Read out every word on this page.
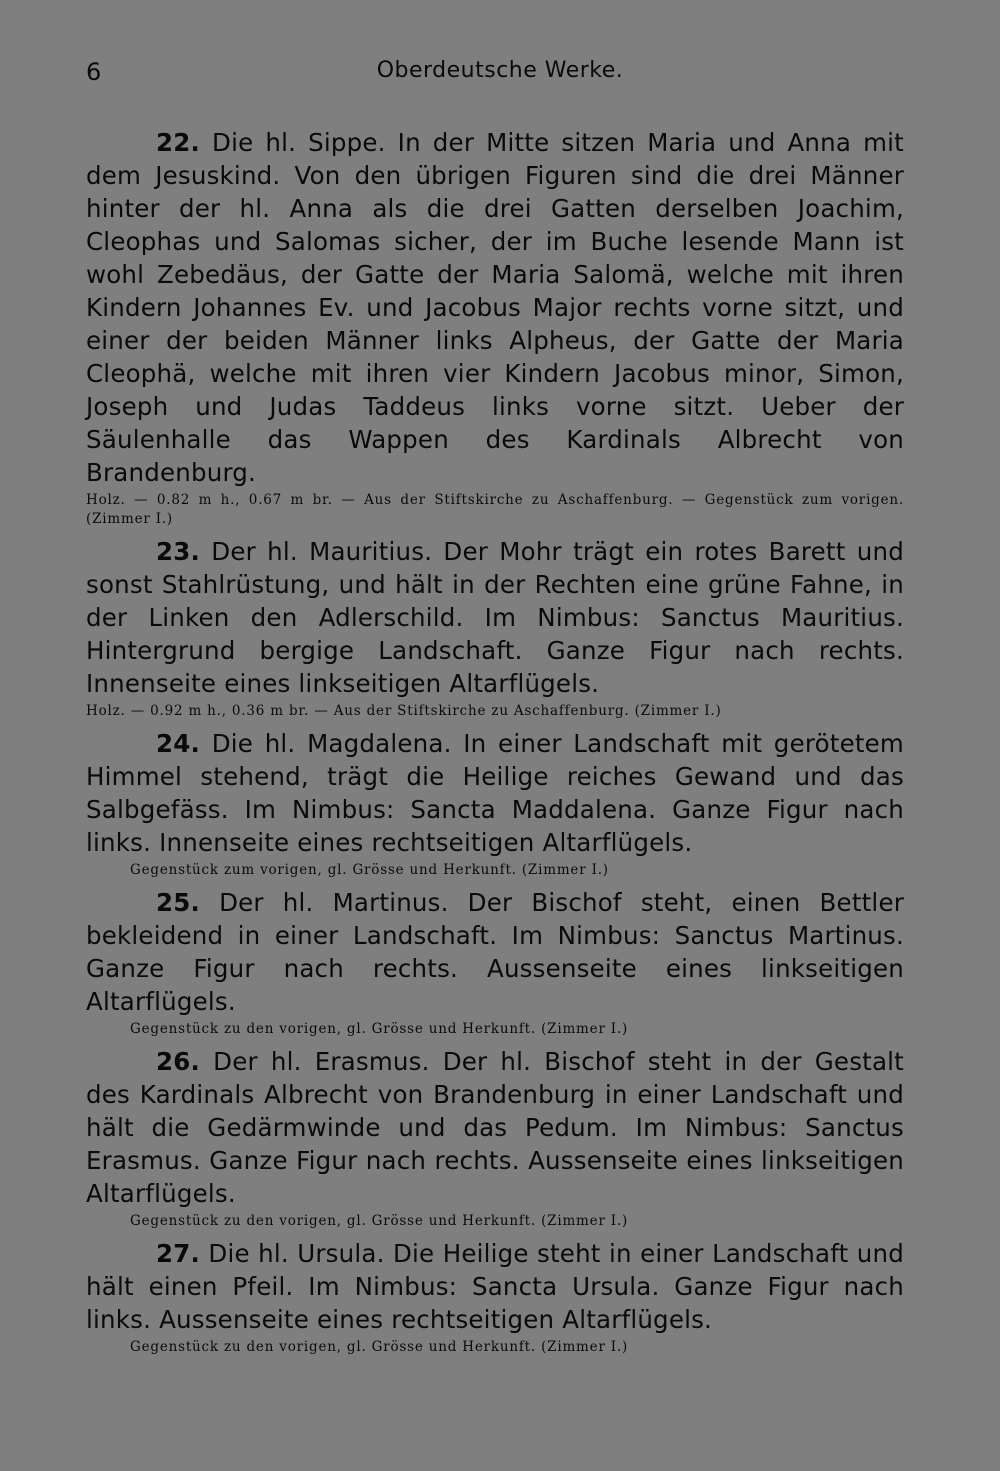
6	Oberdeutsche Werke.

22. Die hl. Sippe. In der Mitte sitzen Maria und Anna mit dem Jesuskind. Von den übrigen Figuren sind die drei Männer hinter der hl. Anna als die drei Gatten derselben Joachim, Cleophas und Salomas sicher, der im Buche lesende Mann ist wohl Zebedäus, der Gatte der Maria Salomä, welche mit ihren Kindern Johannes Ev. und Jacobus Major rechts vorne sitzt, und einer der beiden Männer links Alpheus, der Gatte der Maria Cleophä, welche mit ihren vier Kindern Jacobus minor, Simon, Joseph und Judas Taddeus links vorne sitzt. Ueber der Säulenhalle das Wappen des Kardinals Albrecht von Brandenburg.

Holz. — 0.82 m h., 0.67 m br. — Aus der Stiftskirche zu Aschaffenburg. — Gegenstück zum vorigen. (Zimmer I.)

23. Der hl. Mauritius. Der Mohr trägt ein rotes Barett und sonst Stahlrüstung, und hält in der Rechten eine grüne Fahne, in der Linken den Adlerschild. Im Nimbus: Sanctus Mauritius. Hintergrund bergige Landschaft. Ganze Figur nach rechts. Innenseite eines linkseitigen Altarflügels.

Holz. — 0.92 m h., 0.36 m br. — Aus der Stiftskirche zu Aschaffenburg. (Zimmer I.)

24. Die hl. Magdalena. In einer Landschaft mit gerötetem Himmel stehend, trägt die Heilige reiches Gewand und das Salbgefäss. Im Nimbus: Sancta Maddalena. Ganze Figur nach links. Innenseite eines rechtseitigen Altarflügels.

Gegenstück zum vorigen, gl. Grösse und Herkunft. (Zimmer I.)

25. Der hl. Martinus. Der Bischof steht, einen Bettler bekleidend in einer Landschaft. Im Nimbus: Sanctus Martinus. Ganze Figur nach rechts. Aussenseite eines linkseitigen Altarflügels.

Gegenstück zu den vorigen, gl. Grösse und Herkunft. (Zimmer I.)

26. Der hl. Erasmus. Der hl. Bischof steht in der Gestalt des Kardinals Albrecht von Brandenburg in einer Landschaft und hält die Gedärmwinde und das Pedum. Im Nimbus: Sanctus Erasmus. Ganze Figur nach rechts. Aussenseite eines linkseitigen Altarflügels.

Gegenstück zu den vorigen, gl. Grösse und Herkunft. (Zimmer I.)

27. Die hl. Ursula. Die Heilige steht in einer Landschaft und hält einen Pfeil. Im Nimbus: Sancta Ursula. Ganze Figur nach links. Aussenseite eines rechtseitigen Altarflügels.

Gegenstück zu den vorigen, gl. Grösse und Herkunft. (Zimmer I.)
